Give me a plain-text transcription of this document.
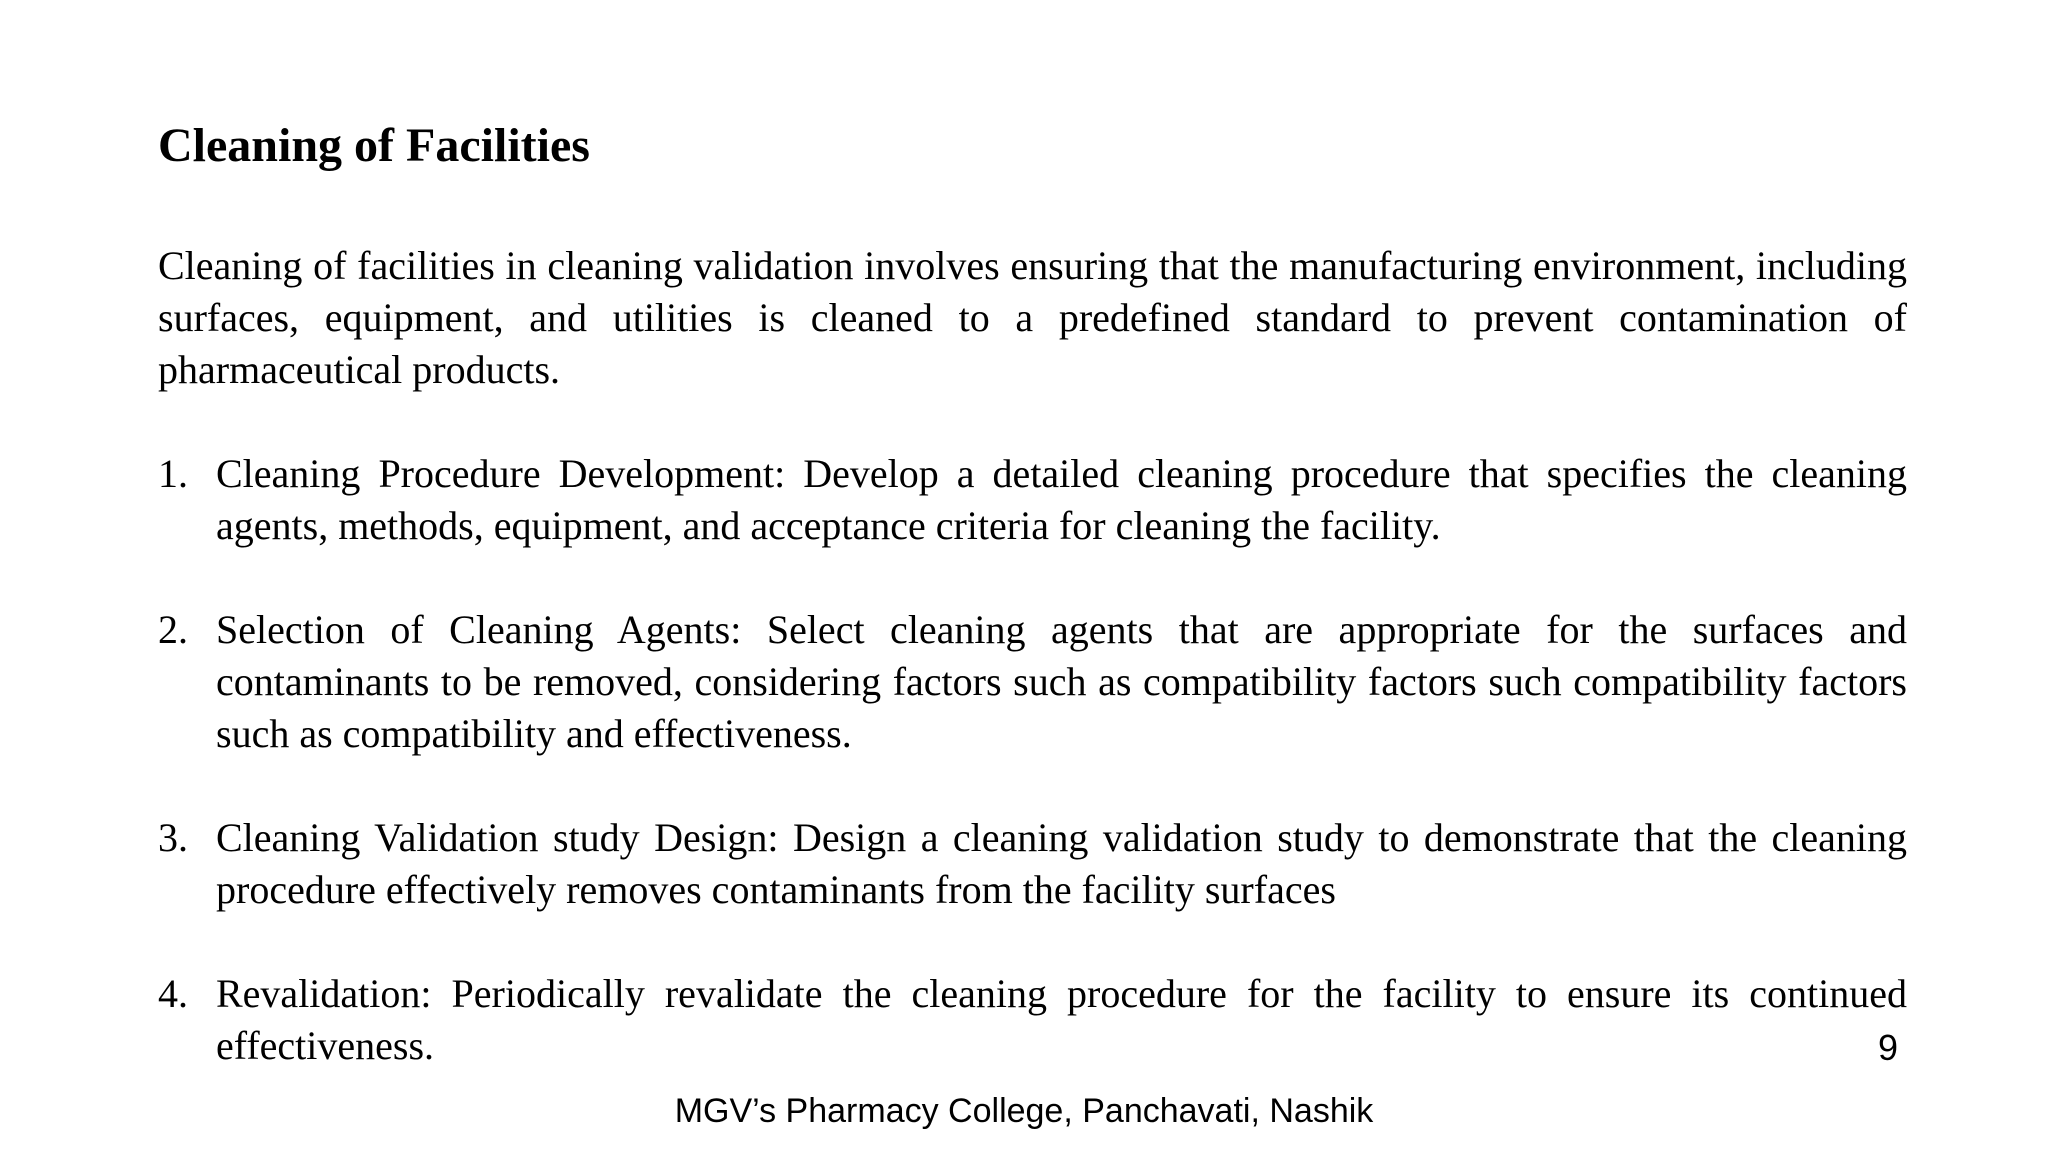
Cleaning of Facilities

Cleaning of facilities in cleaning validation involves ensuring that the manufacturing environment, including surfaces, equipment, and utilities is cleaned to a predefined standard to prevent contamination of pharmaceutical products.

1. Cleaning Procedure Development: Develop a detailed cleaning procedure that specifies the cleaning agents, methods, equipment, and acceptance criteria for cleaning the facility.
2. Selection of Cleaning Agents: Select cleaning agents that are appropriate for the surfaces and contaminants to be removed, considering factors such as compatibility factors such compatibility factors such as compatibility and effectiveness.
3. Cleaning Validation study Design: Design a cleaning validation study to demonstrate that the cleaning procedure effectively removes contaminants from the facility surfaces
4. Revalidation: Periodically revalidate the cleaning procedure for the facility to ensure its continued effectiveness.	9
MGV’s Pharmacy College, Panchavati, Nashik
